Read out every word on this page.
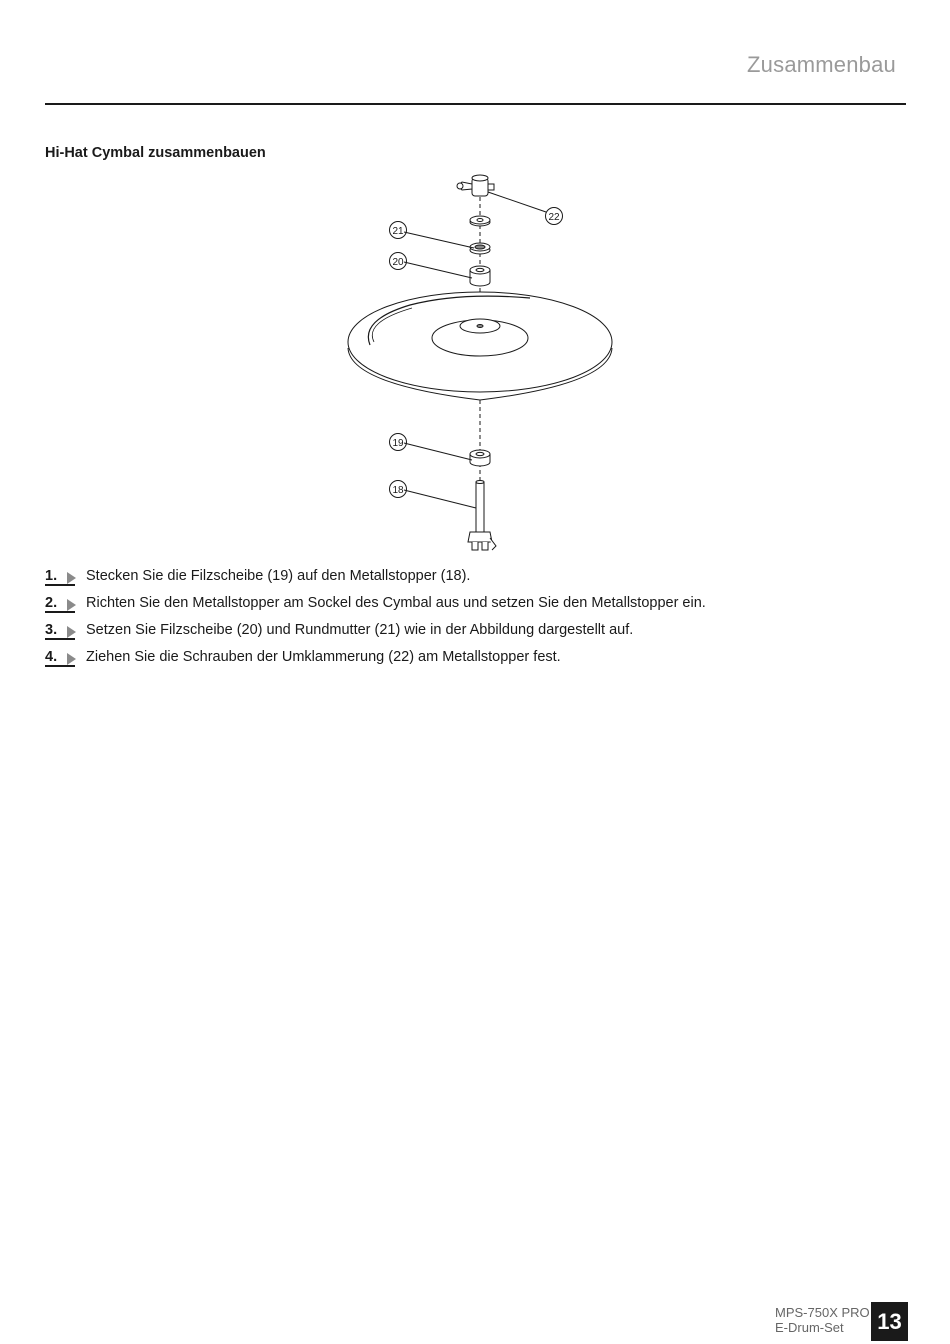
Zusammenbau
Hi-Hat Cymbal zusammenbauen
22
21
20
19
18
1. Stecken Sie die Filzscheibe (19) auf den Metallstopper (18).
2. Richten Sie den Metallstopper am Sockel des Cymbal aus und setzen Sie den Metallstopper ein.
3. Setzen Sie Filzscheibe (20) und Rundmutter (21) wie in der Abbildung dargestellt auf.
4. Ziehen Sie die Schrauben der Umklammerung (22) am Metallstopper fest.
MPS-750X PRO
E-Drum-Set	13
